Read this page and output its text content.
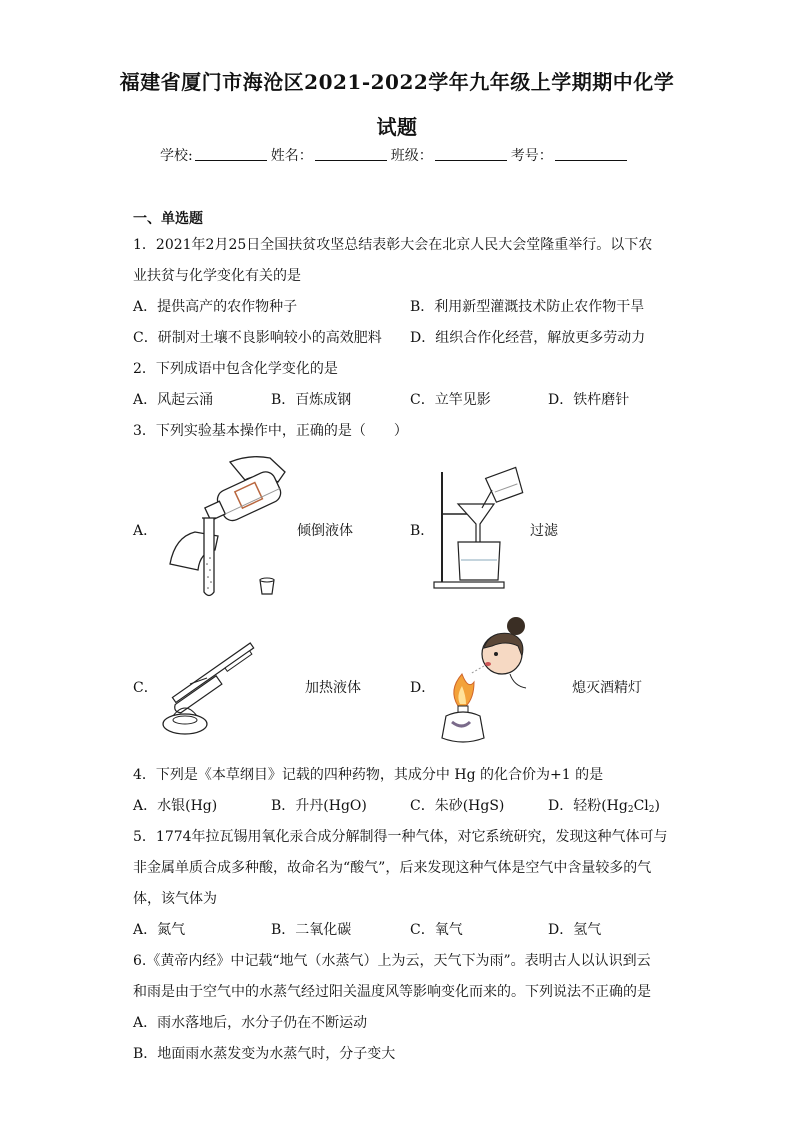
福建省厦门市海沧区2021-2022学年九年级上学期期中化学
试题
学校:	姓名：	班级：	考号：
一、单选题
1．2021年2月25日全国扶贫攻坚总结表彰大会在北京人民大会堂隆重举行。以下农
业扶贫与化学变化有关的是
A．提供高产的农作物种子	B．利用新型灌溉技术防止农作物干旱
C．研制对土壤不良影响较小的高效肥料 D．组织合作化经营，解放更多劳动力
2．下列成语中包含化学变化的是
A．风起云涌	B．百炼成钢	C．立竿见影	D．铁杵磨针
3．下列实验基本操作中，正确的是（　　）
A．	倾倒液体	B．	过滤
C．	加热液体	D．	熄灭酒精灯
4．下列是《本草纲目》记载的四种药物，其成分中 Hg 的化合价为+1 的是
A．水银(Hg)	B．升丹(HgO)	C．朱砂(HgS)	D．轻粉$(Hg_2Cl_2)$
5．1774年拉瓦锡用氧化汞合成分解制得一种气体，对它系统研究，发现这种气体可与
非金属单质合成多种酸，故命名为“酸气”，后来发现这种气体是空气中含量较多的气
体，该气体为
A．氮气	B．二氧化碳	C．氧气	D．氢气
6.《黄帝内经》中记载“地气（水蒸气）上为云，天气下为雨”。表明古人以认识到云
和雨是由于空气中的水蒸气经过阳关温度风等影响变化而来的。下列说法不正确的是
A．雨水落地后，水分子仍在不断运动
B．地面雨水蒸发变为水蒸气时，分子变大
